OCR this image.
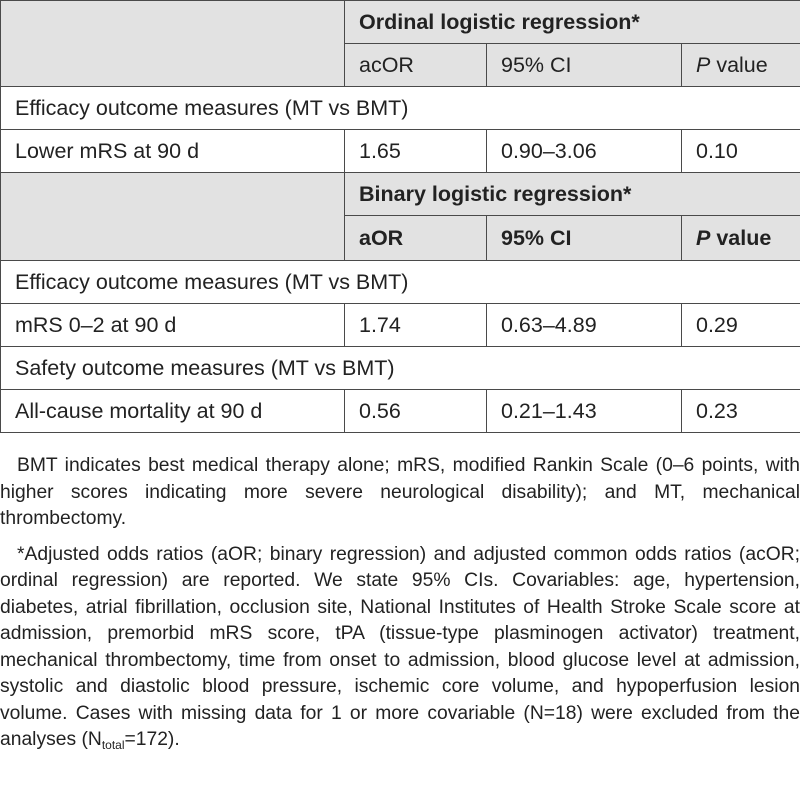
	Ordinal logistic regression*		
	acOR	95% CI	P value
Efficacy outcome measures (MT vs BMT)			
Lower mRS at 90 d	1.65	0.90–3.06	0.10
	Binary logistic regression*		
	aOR	95% CI	P value
Efficacy outcome measures (MT vs BMT)			
mRS 0–2 at 90 d	1.74	0.63–4.89	0.29
Safety outcome measures (MT vs BMT)			
All-cause mortality at 90 d	0.56	0.21–1.43	0.23

BMT indicates best medical therapy alone; mRS, modified Rankin Scale (0–6 points, with higher scores indicating more severe neurological disability); and MT, mechanical thrombectomy.

*Adjusted odds ratios (aOR; binary regression) and adjusted common odds ratios (acOR; ordinal regression) are reported. We state 95% CIs. Covariables: age, hypertension, diabetes, atrial fibrillation, occlusion site, National Institutes of Health Stroke Scale score at admission, premorbid mRS score, tPA (tissue-type plasminogen activator) treatment, mechanical thrombectomy, time from onset to admission, blood glucose level at admission, systolic and diastolic blood pressure, ischemic core volume, and hypoperfusion lesion volume. Cases with missing data for 1 or more covariable (N=18) were excluded from the analyses $(N_{total}=172)$.
